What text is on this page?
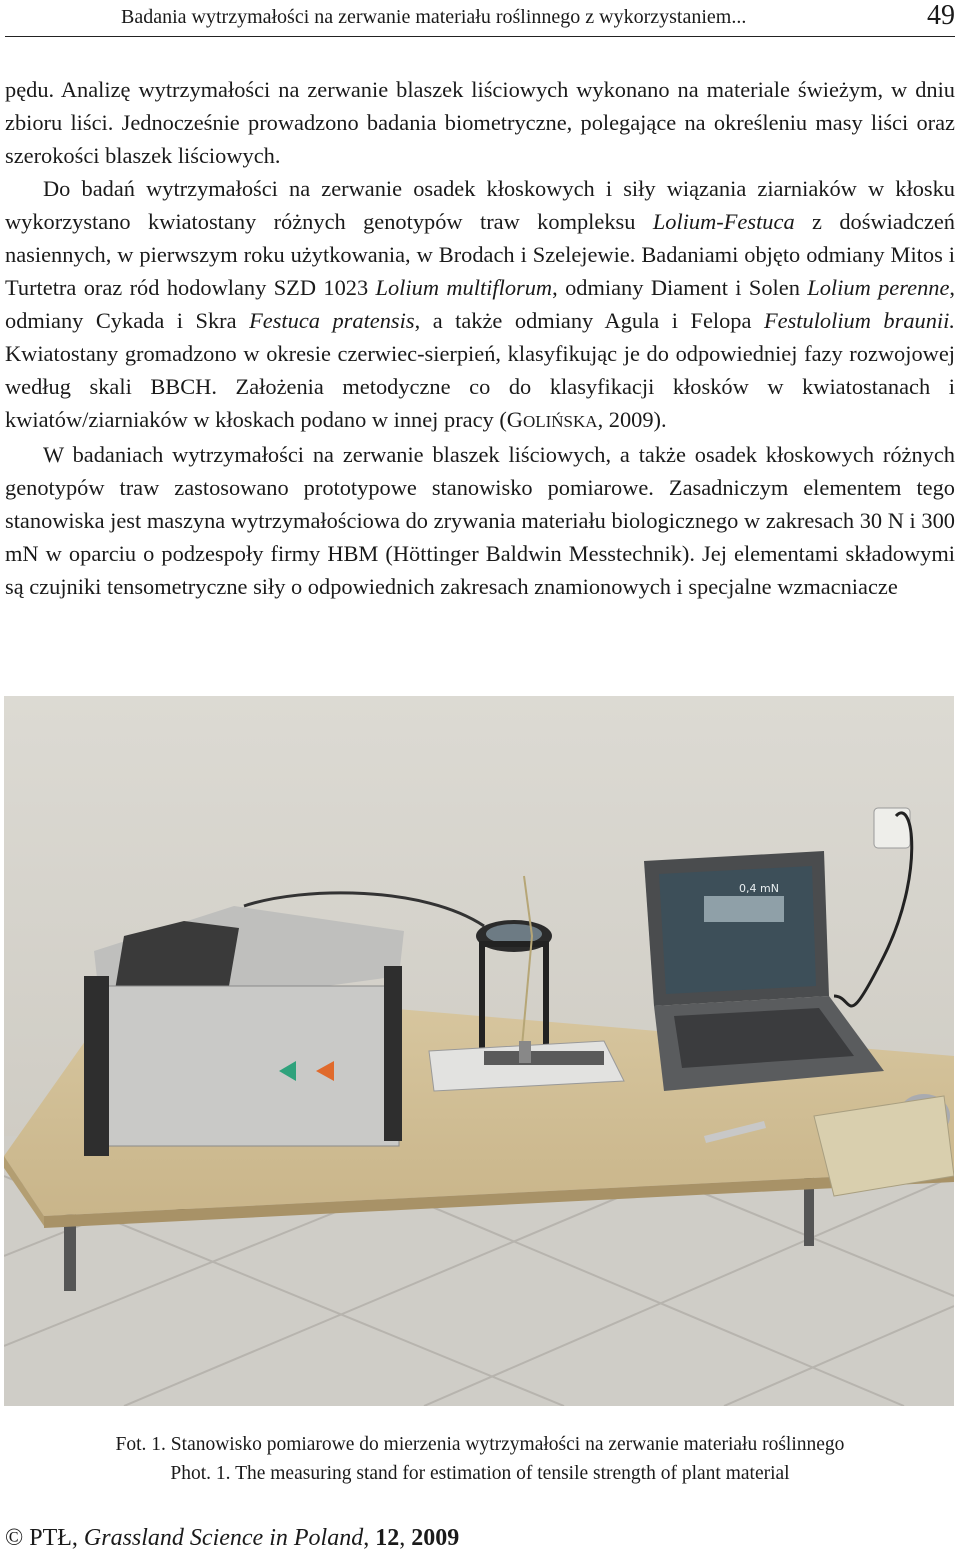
Badania wytrzymałości na zerwanie materiału roślinnego z wykorzystaniem...	49

pędu. Analizę wytrzymałości na zerwanie blaszek liściowych wykonano na materiale świeżym, w dniu zbioru liści. Jednocześnie prowadzono badania biometryczne, polegające na określeniu masy liści oraz szerokości blaszek liściowych.

Do badań wytrzymałości na zerwanie osadek kłoskowych i siły wiązania ziarniaków w kłosku wykorzystano kwiatostany różnych genotypów traw kompleksu Lolium-Festuca z doświadczeń nasiennych, w pierwszym roku użytkowania, w Brodach i Szelejewie. Badaniami objęto odmiany Mitos i Turtetra oraz ród hodowlany SZD 1023 Lolium multiflorum, odmiany Diament i Solen Lolium perenne, odmiany Cykada i Skra Festuca pratensis, a także odmiany Agula i Felopa Festulolium braunii. Kwiatostany gromadzono w okresie czerwiec-sierpień, klasyfikując je do odpowiedniej fazy rozwojowej według skali BBCH. Założenia metodyczne co do klasyfikacji kłosków w kwiatostanach i kwiatów/ziarniaków w kłoskach podano w innej pracy (GOLIŃSKA, 2009).

W badaniach wytrzymałości na zerwanie blaszek liściowych, a także osadek kłoskowych różnych genotypów traw zastosowano prototypowe stanowisko pomiarowe. Zasadniczym elementem tego stanowiska jest maszyna wytrzymałościowa do zrywania materiału biologicznego w zakresach 30 N i 300 mN w oparciu o podzespoły firmy HBM (Höttinger Baldwin Messtechnik). Jej elementami składowymi są czujniki tensometryczne siły o odpowiednich zakresach znamionowych i specjalne wzmacniacze

0,4 mN
Fot. 1. Stanowisko pomiarowe do mierzenia wytrzymałości na zerwanie materiału roślinnego
Phot. 1. The measuring stand for estimation of tensile strength of plant material
© PTŁ, Grassland Science in Poland, 12, 2009
